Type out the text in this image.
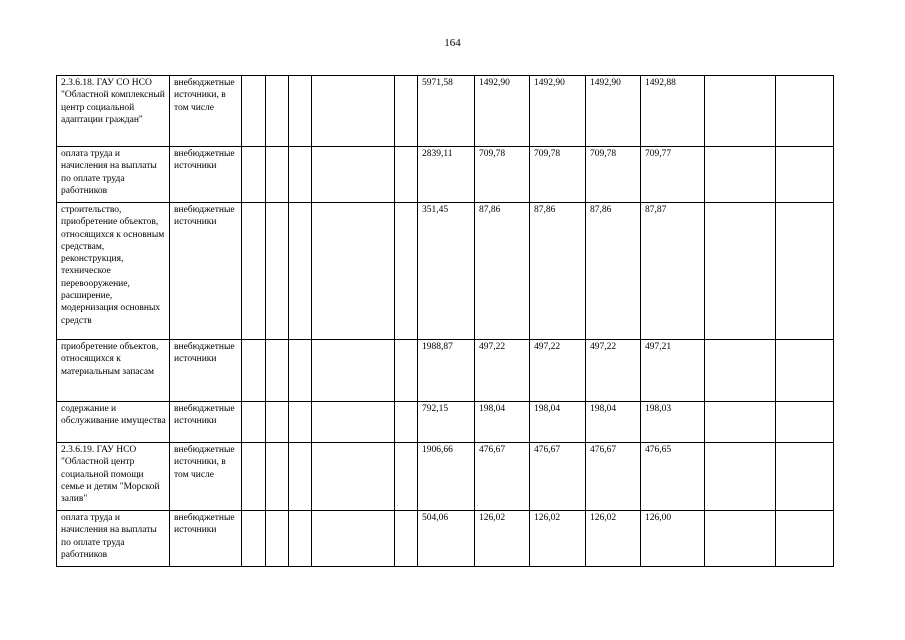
164
2.3.6.18. ГАУ СО НСО "Областной комплексный центр социальной адаптации граждан"	внебюджетные источники, в том числе						5971,58	1492,90	1492,90	1492,90	1492,88		
оплата труда и начисления на выплаты по оплате труда работников	внебюджетные источники						2839,11	709,78	709,78	709,78	709,77		
строительство, приобретение объектов, относящихся к основным средствам, реконструкция, техническое перевооружение, расширение, модернизация основных средств	внебюджетные источники						351,45	87,86	87,86	87,86	87,87		
приобретение объектов, относящихся к материальным запасам	внебюджетные источники						1988,87	497,22	497,22	497,22	497,21		
содержание и обслуживание имущества	внебюджетные источники						792,15	198,04	198,04	198,04	198,03		
2.3.6.19. ГАУ НСО "Областной центр социальной помощи семье и детям "Морской залив"	внебюджетные источники, в том числе						1906,66	476,67	476,67	476,67	476,65		
оплата труда и начисления на выплаты по оплате труда работников	внебюджетные источники						504,06	126,02	126,02	126,02	126,00		
